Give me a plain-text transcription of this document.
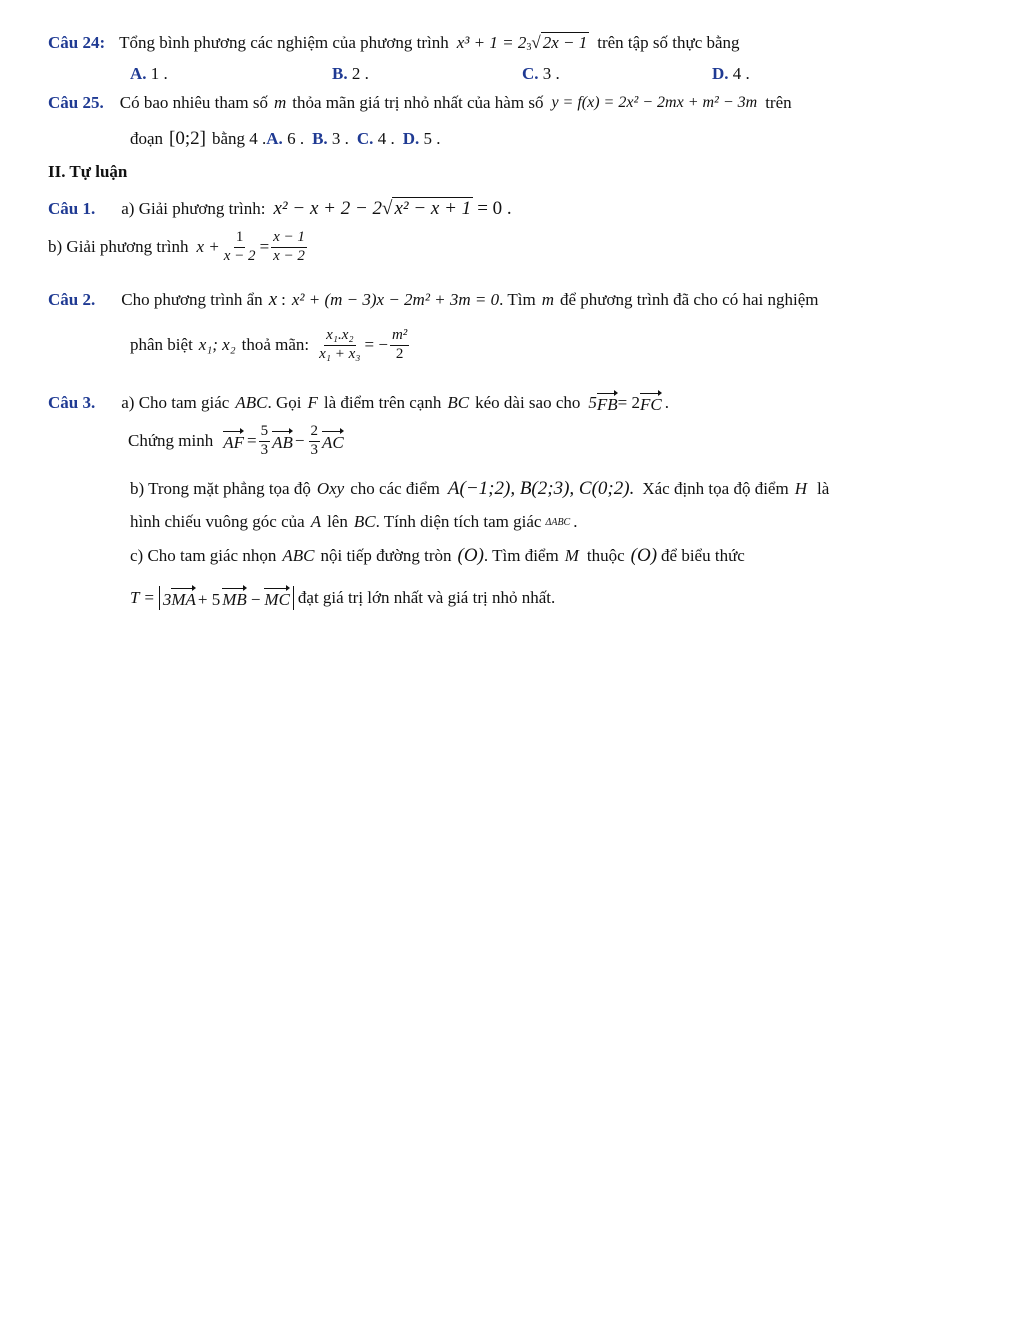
Câu 24: Tổng bình phương các nghiệm của phương trình x³ + 1 = 2 3 √ 2x − 1 trên tập số thực bằng
A. 1 .	B. 2 .	C. 3 .	D. 4 .
Câu 25. Có bao nhiêu tham số m thỏa mãn giá trị nhỏ nhất của hàm số y = f(x) = 2x² − 2mx + m² − 3m trên
đoạn [0;2] bằng 4 . A. 6 . B. 3 . C. 4 . D. 5 .
II. Tự luận
Câu 1. a) Giải phương trình: x² − x + 2 − 2 √ x² − x + 1 = 0 .
b) Giải phương trình $x + \frac{1}{x - 2} = \frac{x - 1}{x - 2}$
Câu 2. Cho phương trình ẩn x : x² + (m − 3)x − 2m² + 3m = 0 . Tìm m để phương trình đã cho có hai nghiệm
phân biệt x₁; x₂ thoả mãn: $\frac{\text{x₁.x₂}}{\text{x₁ + x₃}}$ = − $\frac{\text{m²}}{2}$
Câu 3. a) Cho tam giác ABC . Gọi F là điểm trên cạnh BC kéo dài sao cho 5 FB = 2 FC .
Chứng minh AF = $\frac{5}{3}$ AB − $\frac{2}{3}$ AC
b) Trong mặt phẳng tọa độ Oxy cho các điểm A(−1;2), B(2;3), C(0;2). Xác định tọa độ điểm H là
hình chiếu vuông góc của A lên BC . Tính diện tích tam giác ΔABC .
c) Cho tam giác nhọn ABC nội tiếp đường tròn (O) . Tìm điểm M thuộc (O) để biểu thức
T = 3MA + 5 MB − MC đạt giá trị lớn nhất và giá trị nhỏ nhất.
